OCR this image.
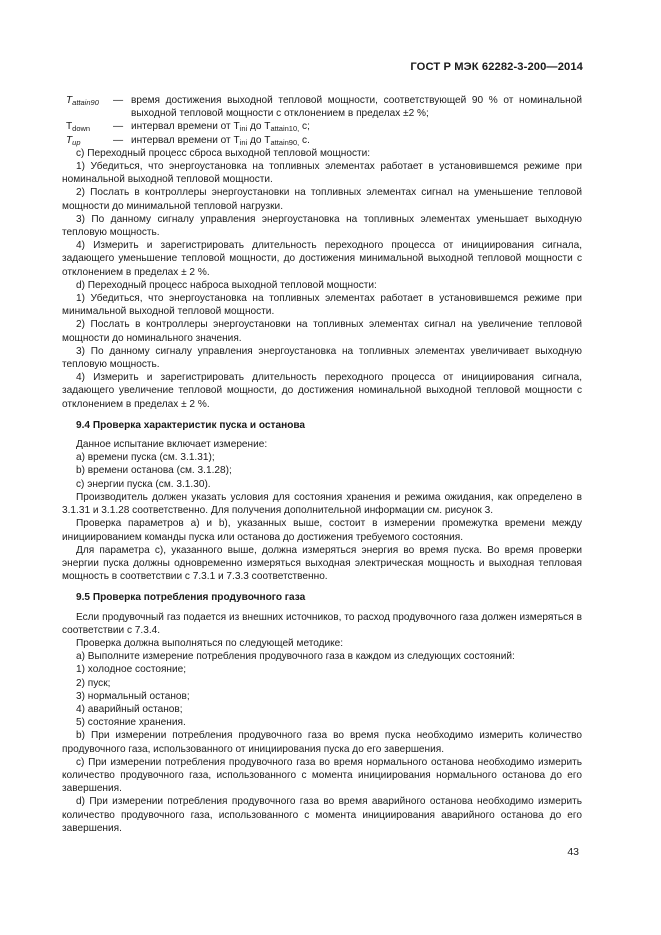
ГОСТ Р МЭК 62282-3-200—2014
$T_{attain90}$	—	время достижения выходной тепловой мощности, соответствующей 90 % от номинальной выходной тепловой мощности с отклонением в пределах ±2 %;
$T_{down}$	—	интервал времени от $T_{ini}$ до $T_{attain10,}$ c;
$T_{up}$	—	интервал времени от $T_{ini}$ до $T_{attain90,}$ c.

с) Переходный процесс сброса выходной тепловой мощности:

1) Убедиться, что энергоустановка на топливных элементах работает в установившемся режиме при номинальной выходной тепловой мощности.

2) Послать в контроллеры энергоустановки на топливных элементах сигнал на уменьшение тепловой мощности до минимальной тепловой нагрузки.

3) По данному сигналу управления энергоустановка на топливных элементах уменьшает выходную тепловую мощность.

4) Измерить и зарегистрировать длительность переходного процесса от инициирования сигнала, задающего уменьшение тепловой мощности, до достижения минимальной выходной тепловой мощности с отклонением в пределах ± 2 %.

d) Переходный процесс наброса выходной тепловой мощности:

1) Убедиться, что энергоустановка на топливных элементах работает в установившемся режиме при минимальной выходной тепловой мощности.

2) Послать в контроллеры энергоустановки на топливных элементах сигнал на увеличение тепловой мощности до номинального значения.

3) По данному сигналу управления энергоустановка на топливных элементах увеличивает выходную тепловую мощность.

4) Измерить и зарегистрировать длительность переходного процесса от инициирования сигнала, задающего увеличение тепловой мощности, до достижения номинальной выходной тепловой мощности с отклонением в пределах ± 2 %.

9.4 Проверка характеристик пуска и останова

Данное испытание включает измерение:

a) времени пуска (см. 3.1.31);

b) времени останова (см. 3.1.28);

c) энергии пуска (см. 3.1.30).

Производитель должен указать условия для состояния хранения и режима ожидания, как определено в 3.1.31 и 3.1.28 соответственно. Для получения дополнительной информации см. рисунок 3.

Проверка параметров а) и b), указанных выше, состоит в измерении промежутка времени между инициированием команды пуска или останова до достижения требуемого состояния.

Для параметра с), указанного выше, должна измеряться энергия во время пуска. Во время проверки энергии пуска должны одновременно измеряться выходная электрическая мощность и выходная тепловая мощность в соответствии с 7.3.1 и 7.3.3 соответственно.

9.5 Проверка потребления продувочного газа

Если продувочный газ подается из внешних источников, то расход продувочного газа должен измеряться в соответствии с 7.3.4.

Проверка должна выполняться по следующей методике:

a) Выполните измерение потребления продувочного газа в каждом из следующих состояний:

1) холодное состояние;

2) пуск;

3) нормальный останов;

4) аварийный останов;

5) состояние хранения.

b) При измерении потребления продувочного газа во время пуска необходимо измерить количество продувочного газа, использованного от инициирования пуска до его завершения.

c) При измерении потребления продувочного газа во время нормального останова необходимо измерить количество продувочного газа, использованного с момента инициирования нормального останова до его завершения.

d) При измерении потребления продувочного газа во время аварийного останова необходимо измерить количество продувочного газа, использованного с момента инициирования аварийного останова до его завершения.

43
